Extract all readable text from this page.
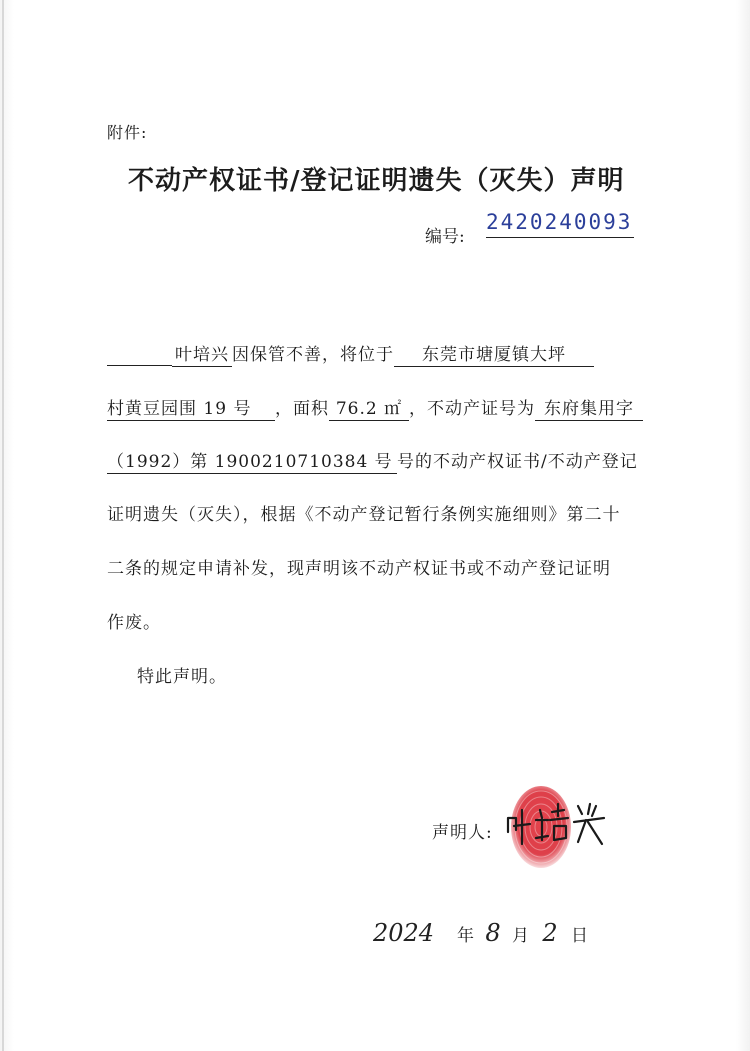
附件:
不动产权证书/登记证明遗失（灭失）声明
编号:
2420240093
叶培兴 因保管不善，将位于 东莞市塘厦镇大坪
村黄豆园围 19 号 ，面积 76.2 ㎡ ，不动产证号为 东府集用字
（1992）第 1900210710384 号 号的不动产权证书/不动产登记
证明遗失（灭失），根据《不动产登记暂行条例实施细则》第二十
二条的规定申请补发，现声明该不动产权证书或不动产登记证明
作废。
特此声明。
声明人:
2024 年 8 月 2 日
